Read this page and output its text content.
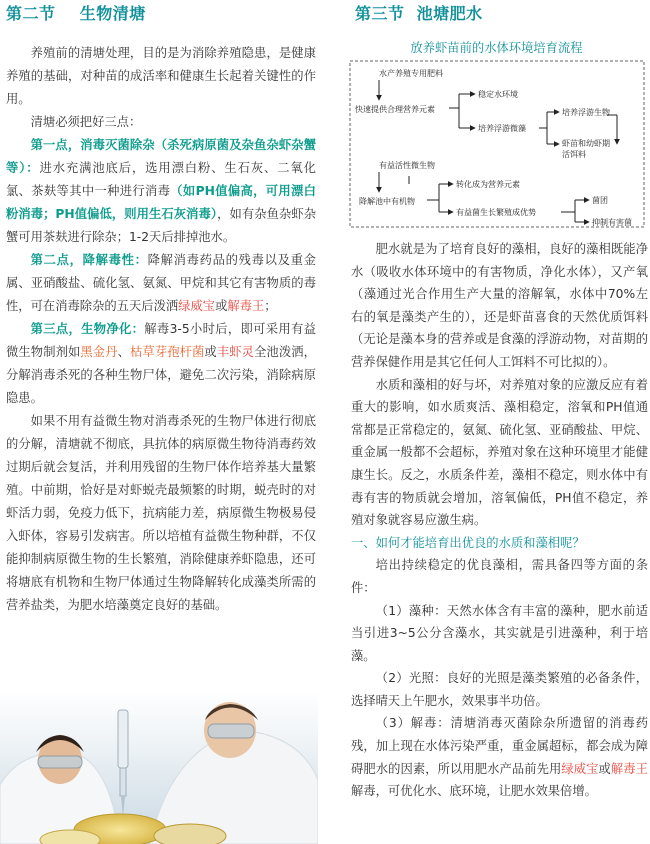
第二节    生物清塘

养殖前的清塘处理，目的是为消除养殖隐患，是健康养殖的基础，对种苗的成活率和健康生长起着关键性的作用。

清塘必须把好三点：

第一点，消毒灭菌除杂（杀死病原菌及杂鱼杂虾杂蟹等）：进水充满池底后，选用漂白粉、生石灰、二氧化氯、茶麸等其中一种进行消毒（如PH值偏高，可用漂白粉消毒；PH值偏低，则用生石灰消毒），如有杂鱼杂虾杂蟹可用茶麸进行除杂；1-2天后排掉池水。

第二点，降解毒性：降解消毒药品的残毒以及重金属、亚硝酸盐、硫化氢、氨氮、甲烷和其它有害物质的毒性，可在消毒除杂的五天后泼洒绿威宝或解毒王；

第三点，生物净化：解毒3-5小时后，即可采用有益微生物制剂如黑金丹、枯草芽孢杆菌或丰虾灵全池泼洒，分解消毒杀死的各种生物尸体，避免二次污染，消除病原隐患。

如果不用有益微生物对消毒杀死的生物尸体进行彻底的分解，清塘就不彻底，具抗体的病原微生物待消毒药效过期后就会复活，并利用残留的生物尸体作培养基大量繁殖。中前期，恰好是对虾蜕壳最频繁的时期，蜕壳时的对虾活力弱，免疫力低下，抗病能力差，病原微生物极易侵入虾体，容易引发病害。所以培植有益微生物种群，不仅能抑制病原微生物的生长繁殖，消除健康养虾隐患，还可将塘底有机物和生物尸体通过生物降解转化成藻类所需的营养盐类，为肥水培藻奠定良好的基础。

第三节  池塘肥水
放养虾苗前的水体环境培育流程
水产养殖专用肥料
快速提供合理营养元素
稳定水环境
培养浮游微藻
培养浮游生物
虾苗和幼虾期
活饵料
有益活性微生物
降解池中有机物
转化成为营养元素
有益菌生长繁殖成优势
菌团
抑制有害菌

肥水就是为了培育良好的藻相，良好的藻相既能净水（吸收水体环境中的有害物质，净化水体），又产氧（藻通过光合作用生产大量的溶解氧，水体中70%左右的氧是藻类产生的），还是虾苗喜食的天然优质饵料（无论是藻本身的营养或是食藻的浮游动物，对苗期的营养保健作用是其它任何人工饵料不可比拟的）。

水质和藻相的好与坏，对养殖对象的应激反应有着重大的影响，如水质爽活、藻相稳定，溶氧和PH值通常都是正常稳定的，氨氮、硫化氢、亚硝酸盐、甲烷、重金属一般都不会超标，养殖对象在这种环境里才能健康生长。反之，水质条件差，藻相不稳定，则水体中有毒有害的物质就会增加，溶氧偏低，PH值不稳定，养殖对象就容易应激生病。

一、如何才能培育出优良的水质和藻相呢？

培出持续稳定的优良藻相，需具备四等方面的条件：

（1）藻种：天然水体含有丰富的藻种，肥水前适当引进3~5公分含藻水，其实就是引进藻种，利于培藻。

（2）光照：良好的光照是藻类繁殖的必备条件，选择晴天上午肥水，效果事半功倍。

（3）解毒：清塘消毒灭菌除杂所遗留的消毒药残，加上现在水体污染严重，重金属超标，都会成为障碍肥水的因素，所以用肥水产品前先用绿威宝或解毒王解毒，可优化水、底环境，让肥水效果倍增。
